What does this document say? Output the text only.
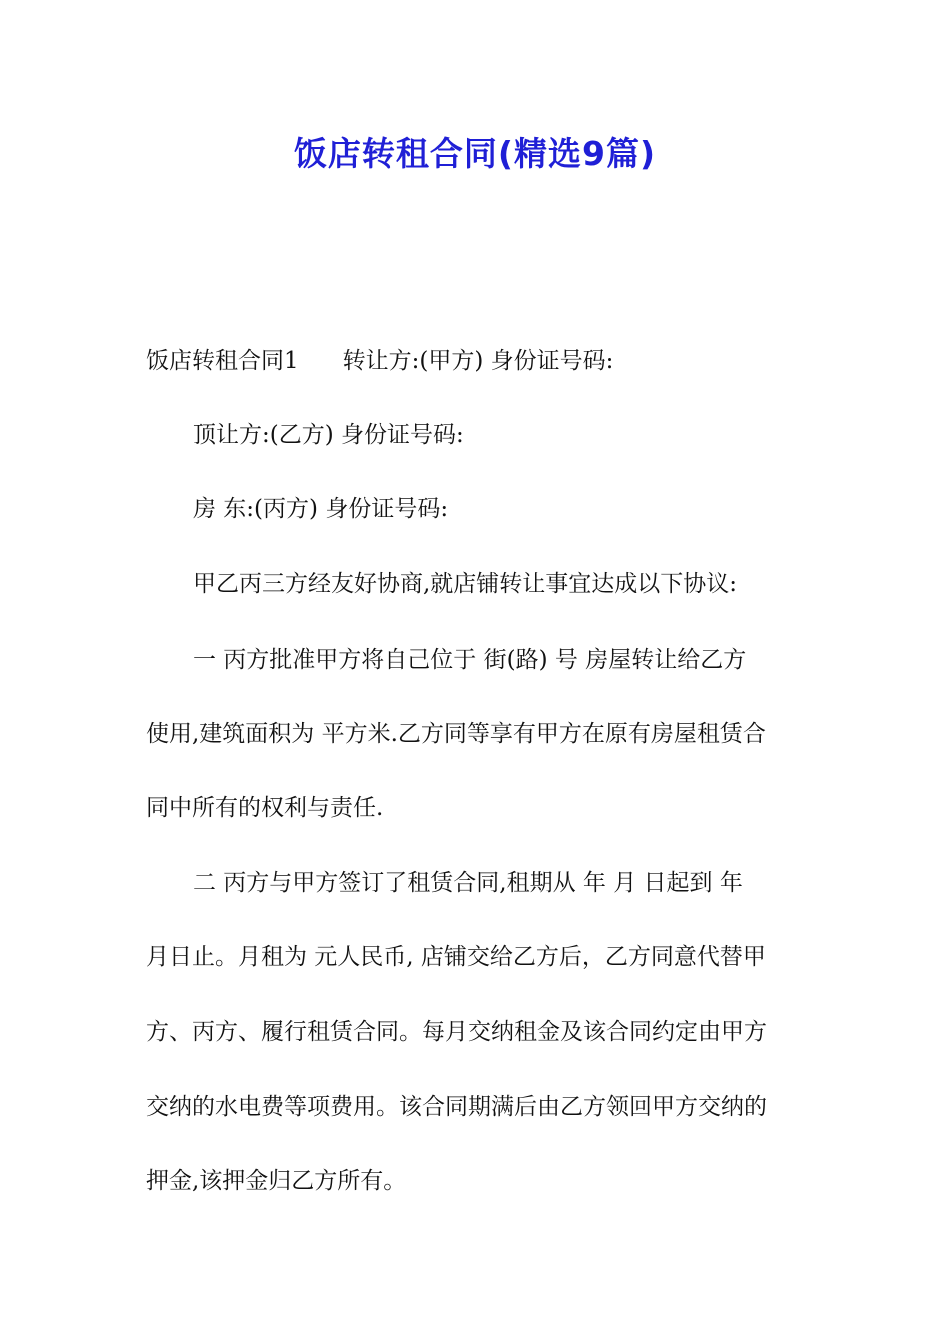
饭店转租合同(精选9篇)

饭店转租合同1 转让方:(甲方) 身份证号码:

顶让方:(乙方) 身份证号码:

房 东:(丙方) 身份证号码:

甲乙丙三方经友好协商,就店铺转让事宜达成以下协议:

一 丙方批准甲方将自己位于 街(路) 号 房屋转让给乙方

使用,建筑面积为 平方米.乙方同等享有甲方在原有房屋租赁合

同中所有的权利与责任.

二 丙方与甲方签订了租赁合同,租期从 年 月 日起到 年

月日止。月租为 元人民币, 店铺交给乙方后，乙方同意代替甲

方、丙方、履行租赁合同。每月交纳租金及该合同约定由甲方

交纳的水电费等项费用。该合同期满后由乙方领回甲方交纳的

押金,该押金归乙方所有。
